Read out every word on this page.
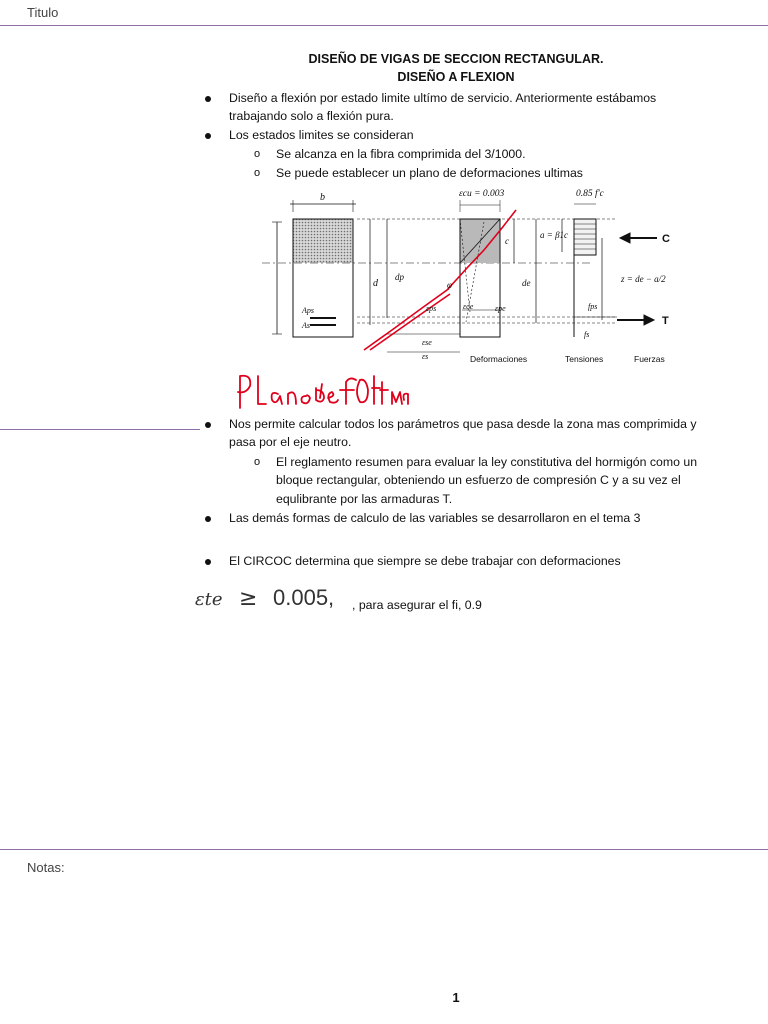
Titulo
DISEÑO DE VIGAS DE SECCION RECTANGULAR.
DISEÑO A FLEXION
Diseño a flexión por estado limite ultímo de servicio. Anteriormente estábamos
trabajando solo a flexión pura.
Los estados limites se consideran
o Se alcanza en la fibra comprimida del 3/1000.
o Se puede establecer un plano de deformaciones ultimas
b	εcu = 0.003	0.85 f'c
d
dp
de
c
a = β1c
z = de − a/2
Aps
As
φ
εps	εce	εpe
εse
εs
fps
fs
C
T
Deformaciones	Tensiones	Fuerzas
Plano de f Ultima
Nos permite calcular todos los parámetros que pasa desde la zona mas comprimida y
pasa por el eje neutro.
o El reglamento resumen para evaluar la ley constitutiva del hormigón como un
bloque rectangular, obteniendo un esfuerzo de compresión C y a su vez el
equlibrante por las armaduras T.
Las demás formas de calculo de las variables se desarrollaron en el tema 3
El CIRCOC determina que siempre se debe trabajar con deformaciones
εte ≥ 0.005, , para asegurar el fi, 0.9
Notas:
1
